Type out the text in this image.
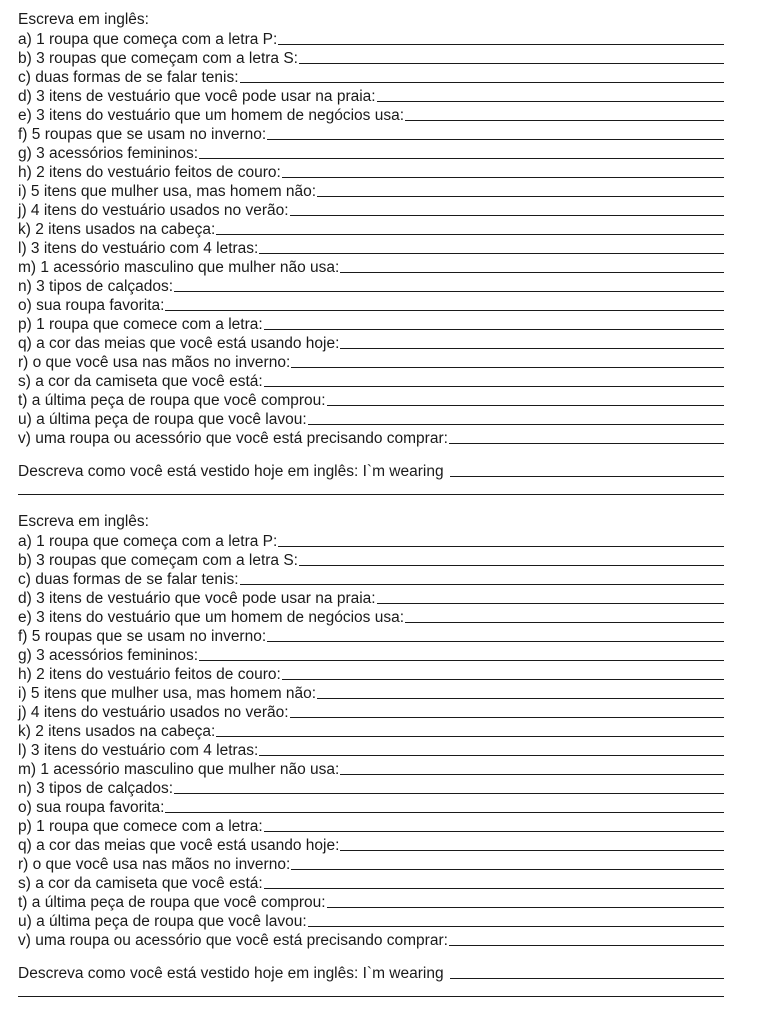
Escreva em inglês:
a) 1 roupa que começa com a letra P:
b) 3 roupas que começam com a letra S:
c) duas formas de se falar tenis:
d) 3 itens de vestuário que você pode usar na praia:
e) 3 itens do vestuário que um homem de negócios usa:
f) 5 roupas que se usam no inverno:
g) 3 acessórios femininos:
h) 2 itens do vestuário feitos de couro:
i) 5 itens que mulher usa, mas homem não:
j) 4 itens do vestuário usados no verão:
k) 2 itens usados na cabeça:
l) 3 itens do vestuário com 4 letras:
m) 1 acessório masculino que mulher não usa:
n) 3 tipos de calçados:
o) sua roupa favorita:
p) 1 roupa que comece com a letra:
q) a cor das meias que você está usando hoje:
r) o que você usa nas mãos no inverno:
s) a cor da camiseta que você está:
t) a última peça de roupa que você comprou:
u) a última peça de roupa que você lavou:
v) uma roupa ou acessório que você está precisando comprar:
Descreva como você está vestido hoje em inglês: I`m wearing
Escreva em inglês:
a) 1 roupa que começa com a letra P:
b) 3 roupas que começam com a letra S:
c) duas formas de se falar tenis:
d) 3 itens de vestuário que você pode usar na praia:
e) 3 itens do vestuário que um homem de negócios usa:
f) 5 roupas que se usam no inverno:
g) 3 acessórios femininos:
h) 2 itens do vestuário feitos de couro:
i) 5 itens que mulher usa, mas homem não:
j) 4 itens do vestuário usados no verão:
k) 2 itens usados na cabeça:
l) 3 itens do vestuário com 4 letras:
m) 1 acessório masculino que mulher não usa:
n) 3 tipos de calçados:
o) sua roupa favorita:
p) 1 roupa que comece com a letra:
q) a cor das meias que você está usando hoje:
r) o que você usa nas mãos no inverno:
s) a cor da camiseta que você está:
t) a última peça de roupa que você comprou:
u) a última peça de roupa que você lavou:
v) uma roupa ou acessório que você está precisando comprar:
Descreva como você está vestido hoje em inglês: I`m wearing
